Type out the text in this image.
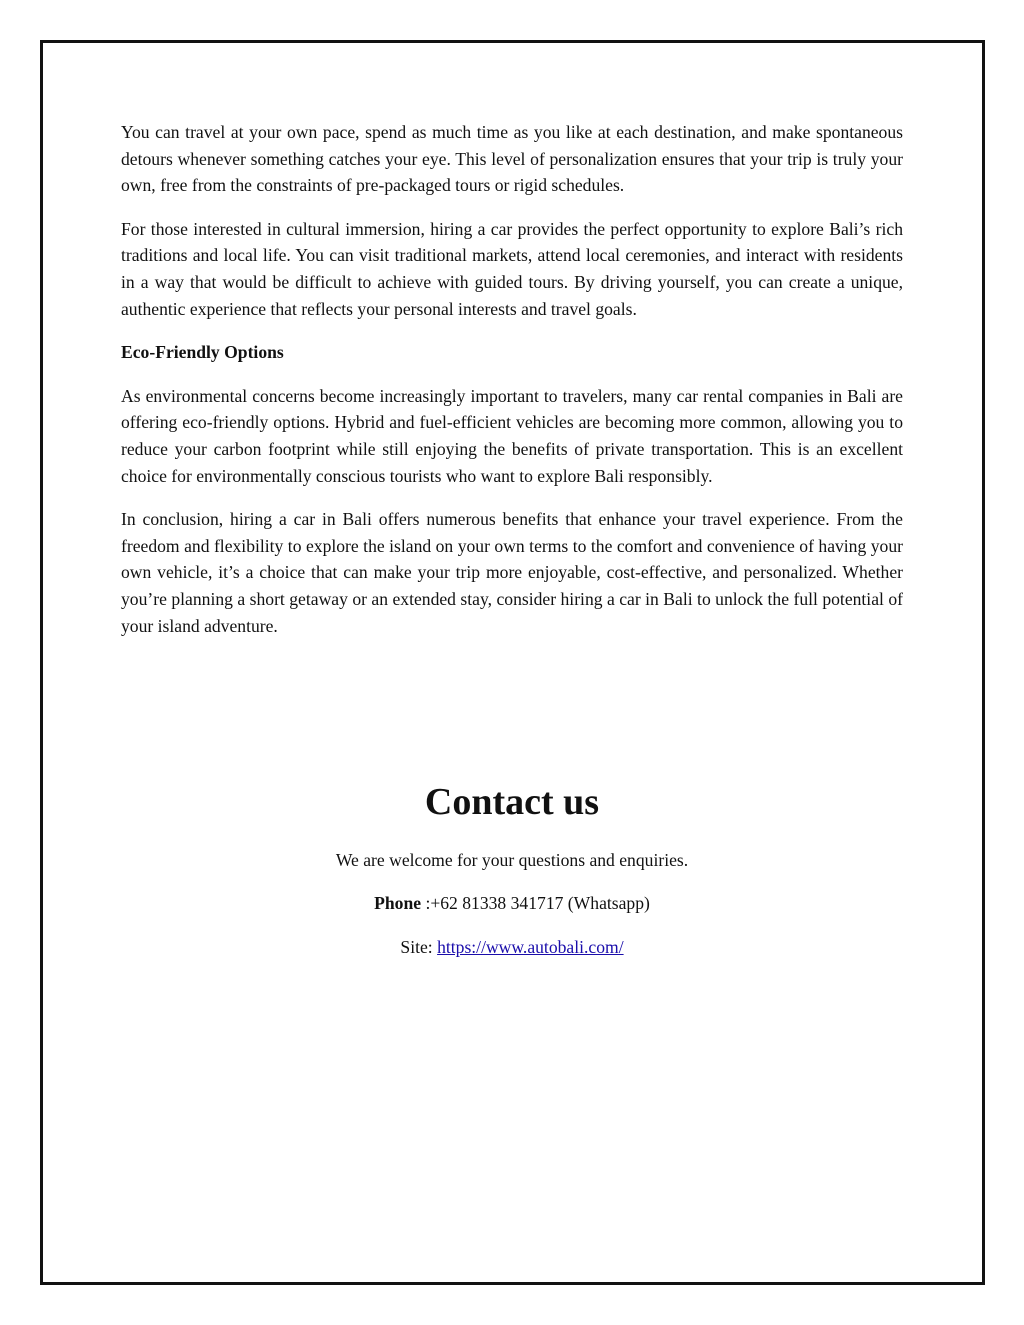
You can travel at your own pace, spend as much time as you like at each destination, and make spontaneous detours whenever something catches your eye. This level of personalization ensures that your trip is truly your own, free from the constraints of pre-packaged tours or rigid schedules.

For those interested in cultural immersion, hiring a car provides the perfect opportunity to explore Bali’s rich traditions and local life. You can visit traditional markets, attend local ceremonies, and interact with residents in a way that would be difficult to achieve with guided tours. By driving yourself, you can create a unique, authentic experience that reflects your personal interests and travel goals.

Eco-Friendly Options

As environmental concerns become increasingly important to travelers, many car rental companies in Bali are offering eco-friendly options. Hybrid and fuel-efficient vehicles are becoming more common, allowing you to reduce your carbon footprint while still enjoying the benefits of private transportation. This is an excellent choice for environmentally conscious tourists who want to explore Bali responsibly.

In conclusion, hiring a car in Bali offers numerous benefits that enhance your travel experience. From the freedom and flexibility to explore the island on your own terms to the comfort and convenience of having your own vehicle, it’s a choice that can make your trip more enjoyable, cost-effective, and personalized. Whether you’re planning a short getaway or an extended stay, consider hiring a car in Bali to unlock the full potential of your island adventure.

Contact us

We are welcome for your questions and enquiries.

Phone :+62 81338 341717 (Whatsapp)

Site: https://www.autobali.com/
